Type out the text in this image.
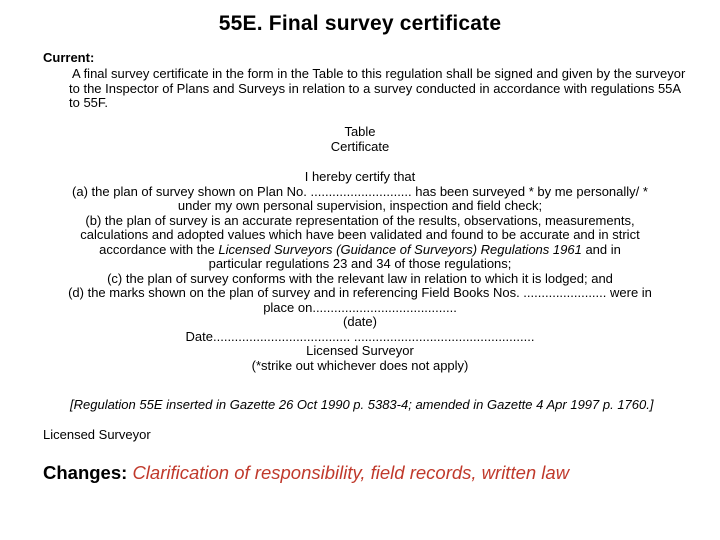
55E. Final survey certificate
Current:
A final survey certificate in the form in the Table to this regulation shall be signed and given by the surveyor to the Inspector of Plans and Surveys in relation to a survey conducted in accordance with regulations 55A to 55F.
Table
Certificate
I hereby certify that
(a) the plan of survey shown on Plan No. ............................ has been surveyed * by me personally/ *
under my own personal supervision, inspection and field check;
(b) the plan of survey is an accurate representation of the results, observations, measurements,
calculations and adopted values which have been validated and found to be accurate and in strict
accordance with the Licensed Surveyors (Guidance of Surveyors) Regulations 1961 and in
particular regulations 23 and 34 of those regulations;
(c) the plan of survey conforms with the relevant law in relation to which it is lodged; and
(d) the marks shown on the plan of survey and in referencing Field Books Nos. ....................... were in
place on........................................
(date)
Date...................................... ..................................................
Licensed Surveyor
(*strike out whichever does not apply)
[Regulation 55E inserted in Gazette 26 Oct 1990 p. 5383-4; amended in Gazette 4 Apr 1997 p. 1760.]
Licensed Surveyor
Changes: Clarification of responsibility, field records, written law
